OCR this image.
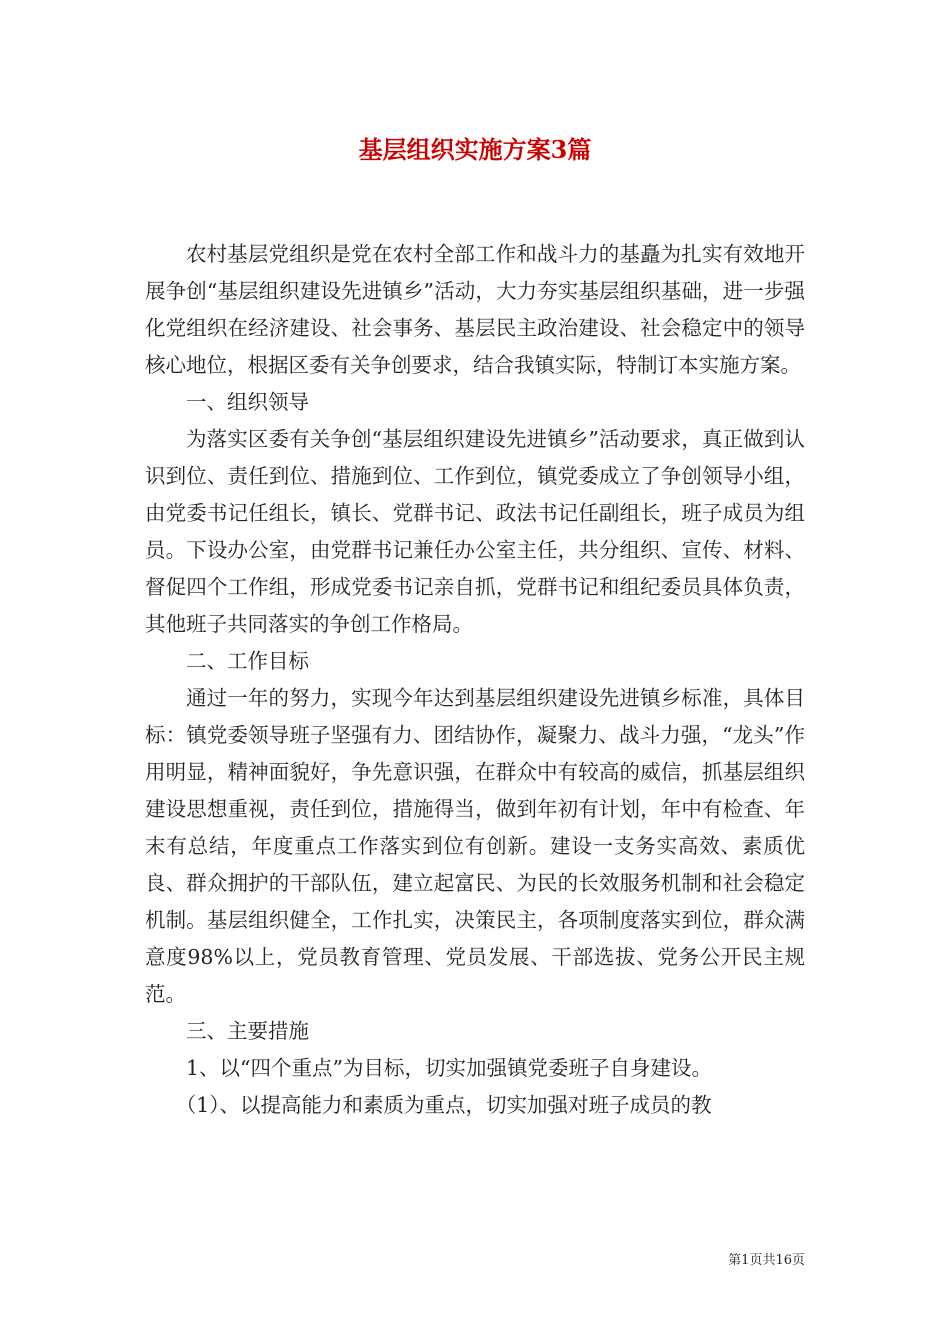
基层组织实施方案3篇

农村基层党组织是党在农村全部工作和战斗力的基矗为扎实有效地开展争创“基层组织建设先进镇乡”活动，大力夯实基层组织基础，进一步强化党组织在经济建设、社会事务、基层民主政治建设、社会稳定中的领导核心地位，根据区委有关争创要求，结合我镇实际，特制订本实施方案。

一、组织领导

为落实区委有关争创“基层组织建设先进镇乡”活动要求，真正做到认识到位、责任到位、措施到位、工作到位，镇党委成立了争创领导小组，由党委书记任组长，镇长、党群书记、政法书记任副组长，班子成员为组员。下设办公室，由党群书记兼任办公室主任，共分组织、宣传、材料、督促四个工作组，形成党委书记亲自抓，党群书记和组纪委员具体负责，其他班子共同落实的争创工作格局。

二、工作目标

通过一年的努力，实现今年达到基层组织建设先进镇乡标准，具体目标：镇党委领导班子坚强有力、团结协作，凝聚力、战斗力强，“龙头”作用明显，精神面貌好，争先意识强，在群众中有较高的威信，抓基层组织建设思想重视，责任到位，措施得当，做到年初有计划，年中有检查、年末有总结，年度重点工作落实到位有创新。建设一支务实高效、素质优良、群众拥护的干部队伍，建立起富民、为民的长效服务机制和社会稳定机制。基层组织健全，工作扎实，决策民主，各项制度落实到位，群众满意度98%以上，党员教育管理、党员发展、干部选拔、党务公开民主规范。

三、主要措施

1、以“四个重点”为目标，切实加强镇党委班子自身建设。

（1）、以提高能力和素质为重点，切实加强对班子成员的教

第1页共16页
